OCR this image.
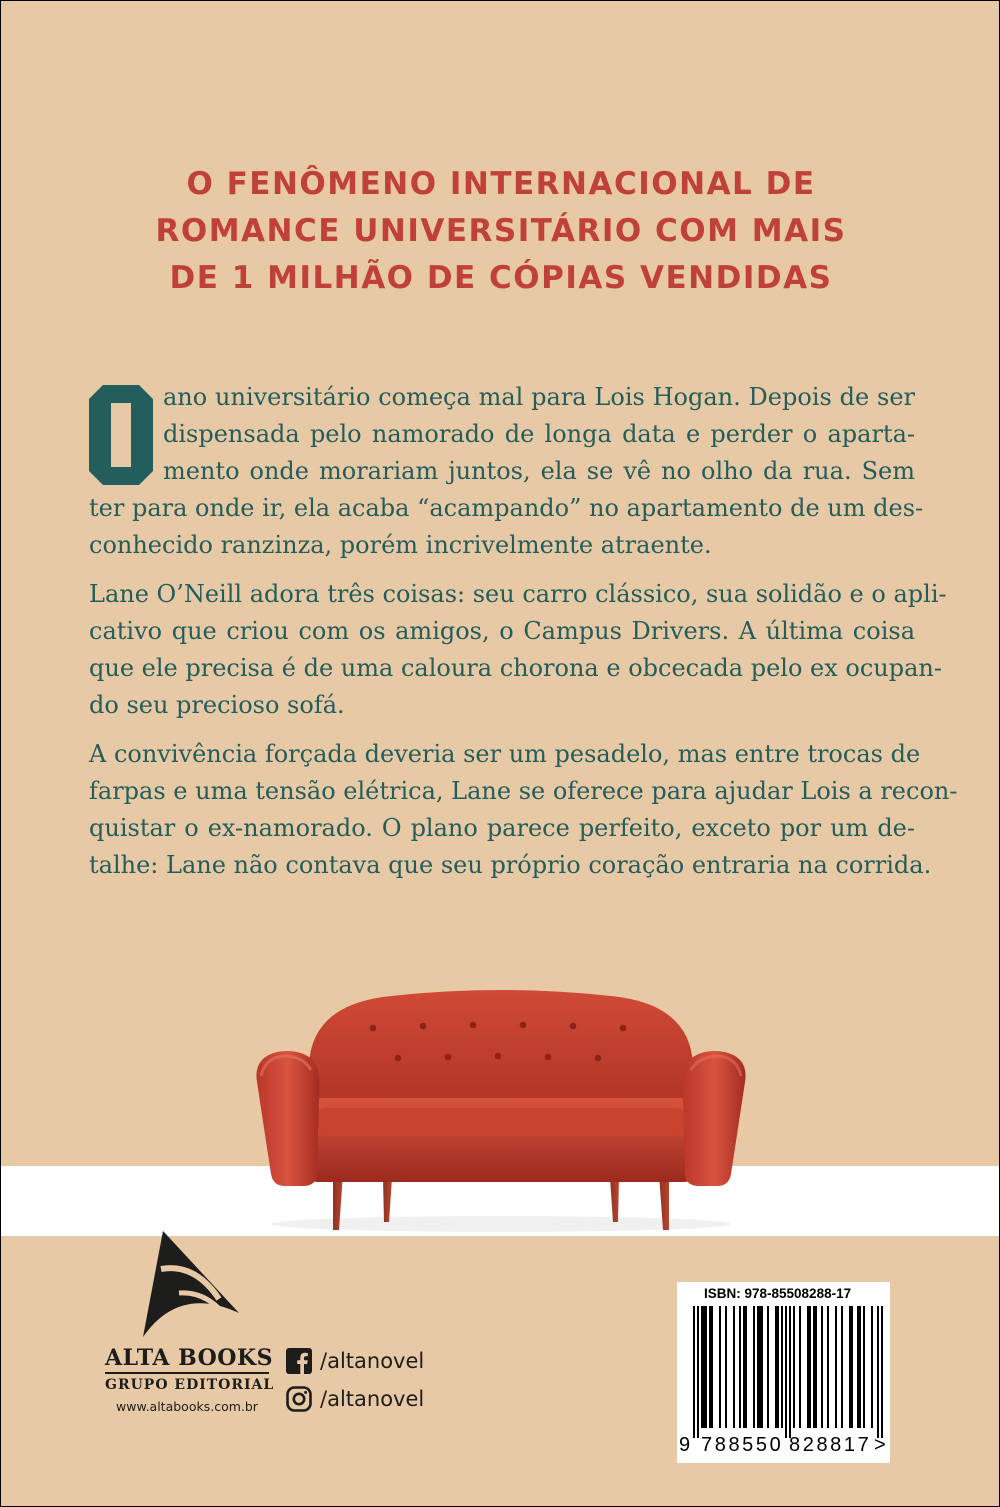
O FENÔMENO INTERNACIONAL DE
ROMANCE UNIVERSITÁRIO COM MAIS
DE 1 MILHÃO DE CÓPIAS VENDIDAS
ano universitário começa mal para Lois Hogan. Depois de ser
dispensada pelo namorado de longa data e perder o aparta-
mento onde morariam juntos, ela se vê no olho da rua. Sem
ter para onde ir, ela acaba “acampando” no apartamento de um des-
conhecido ranzinza, porém incrivelmente atraente.
Lane O’Neill adora três coisas: seu carro clássico, sua solidão e o apli-
cativo que criou com os amigos, o Campus Drivers. A última coisa
que ele precisa é de uma caloura chorona e obcecada pelo ex ocupan-
do seu precioso sofá.
A convivência forçada deveria ser um pesadelo, mas entre trocas de
farpas e uma tensão elétrica, Lane se oferece para ajudar Lois a recon-
quistar o ex-namorado. O plano parece perfeito, exceto por um de-
talhe: Lane não contava que seu próprio coração entraria na corrida.
ALTA BOOKS
GRUPO EDITORIAL
www.altabooks.com.br
/altanovel
/altanovel
ISBN: 978-85508288-17
9 788550 828817 >
